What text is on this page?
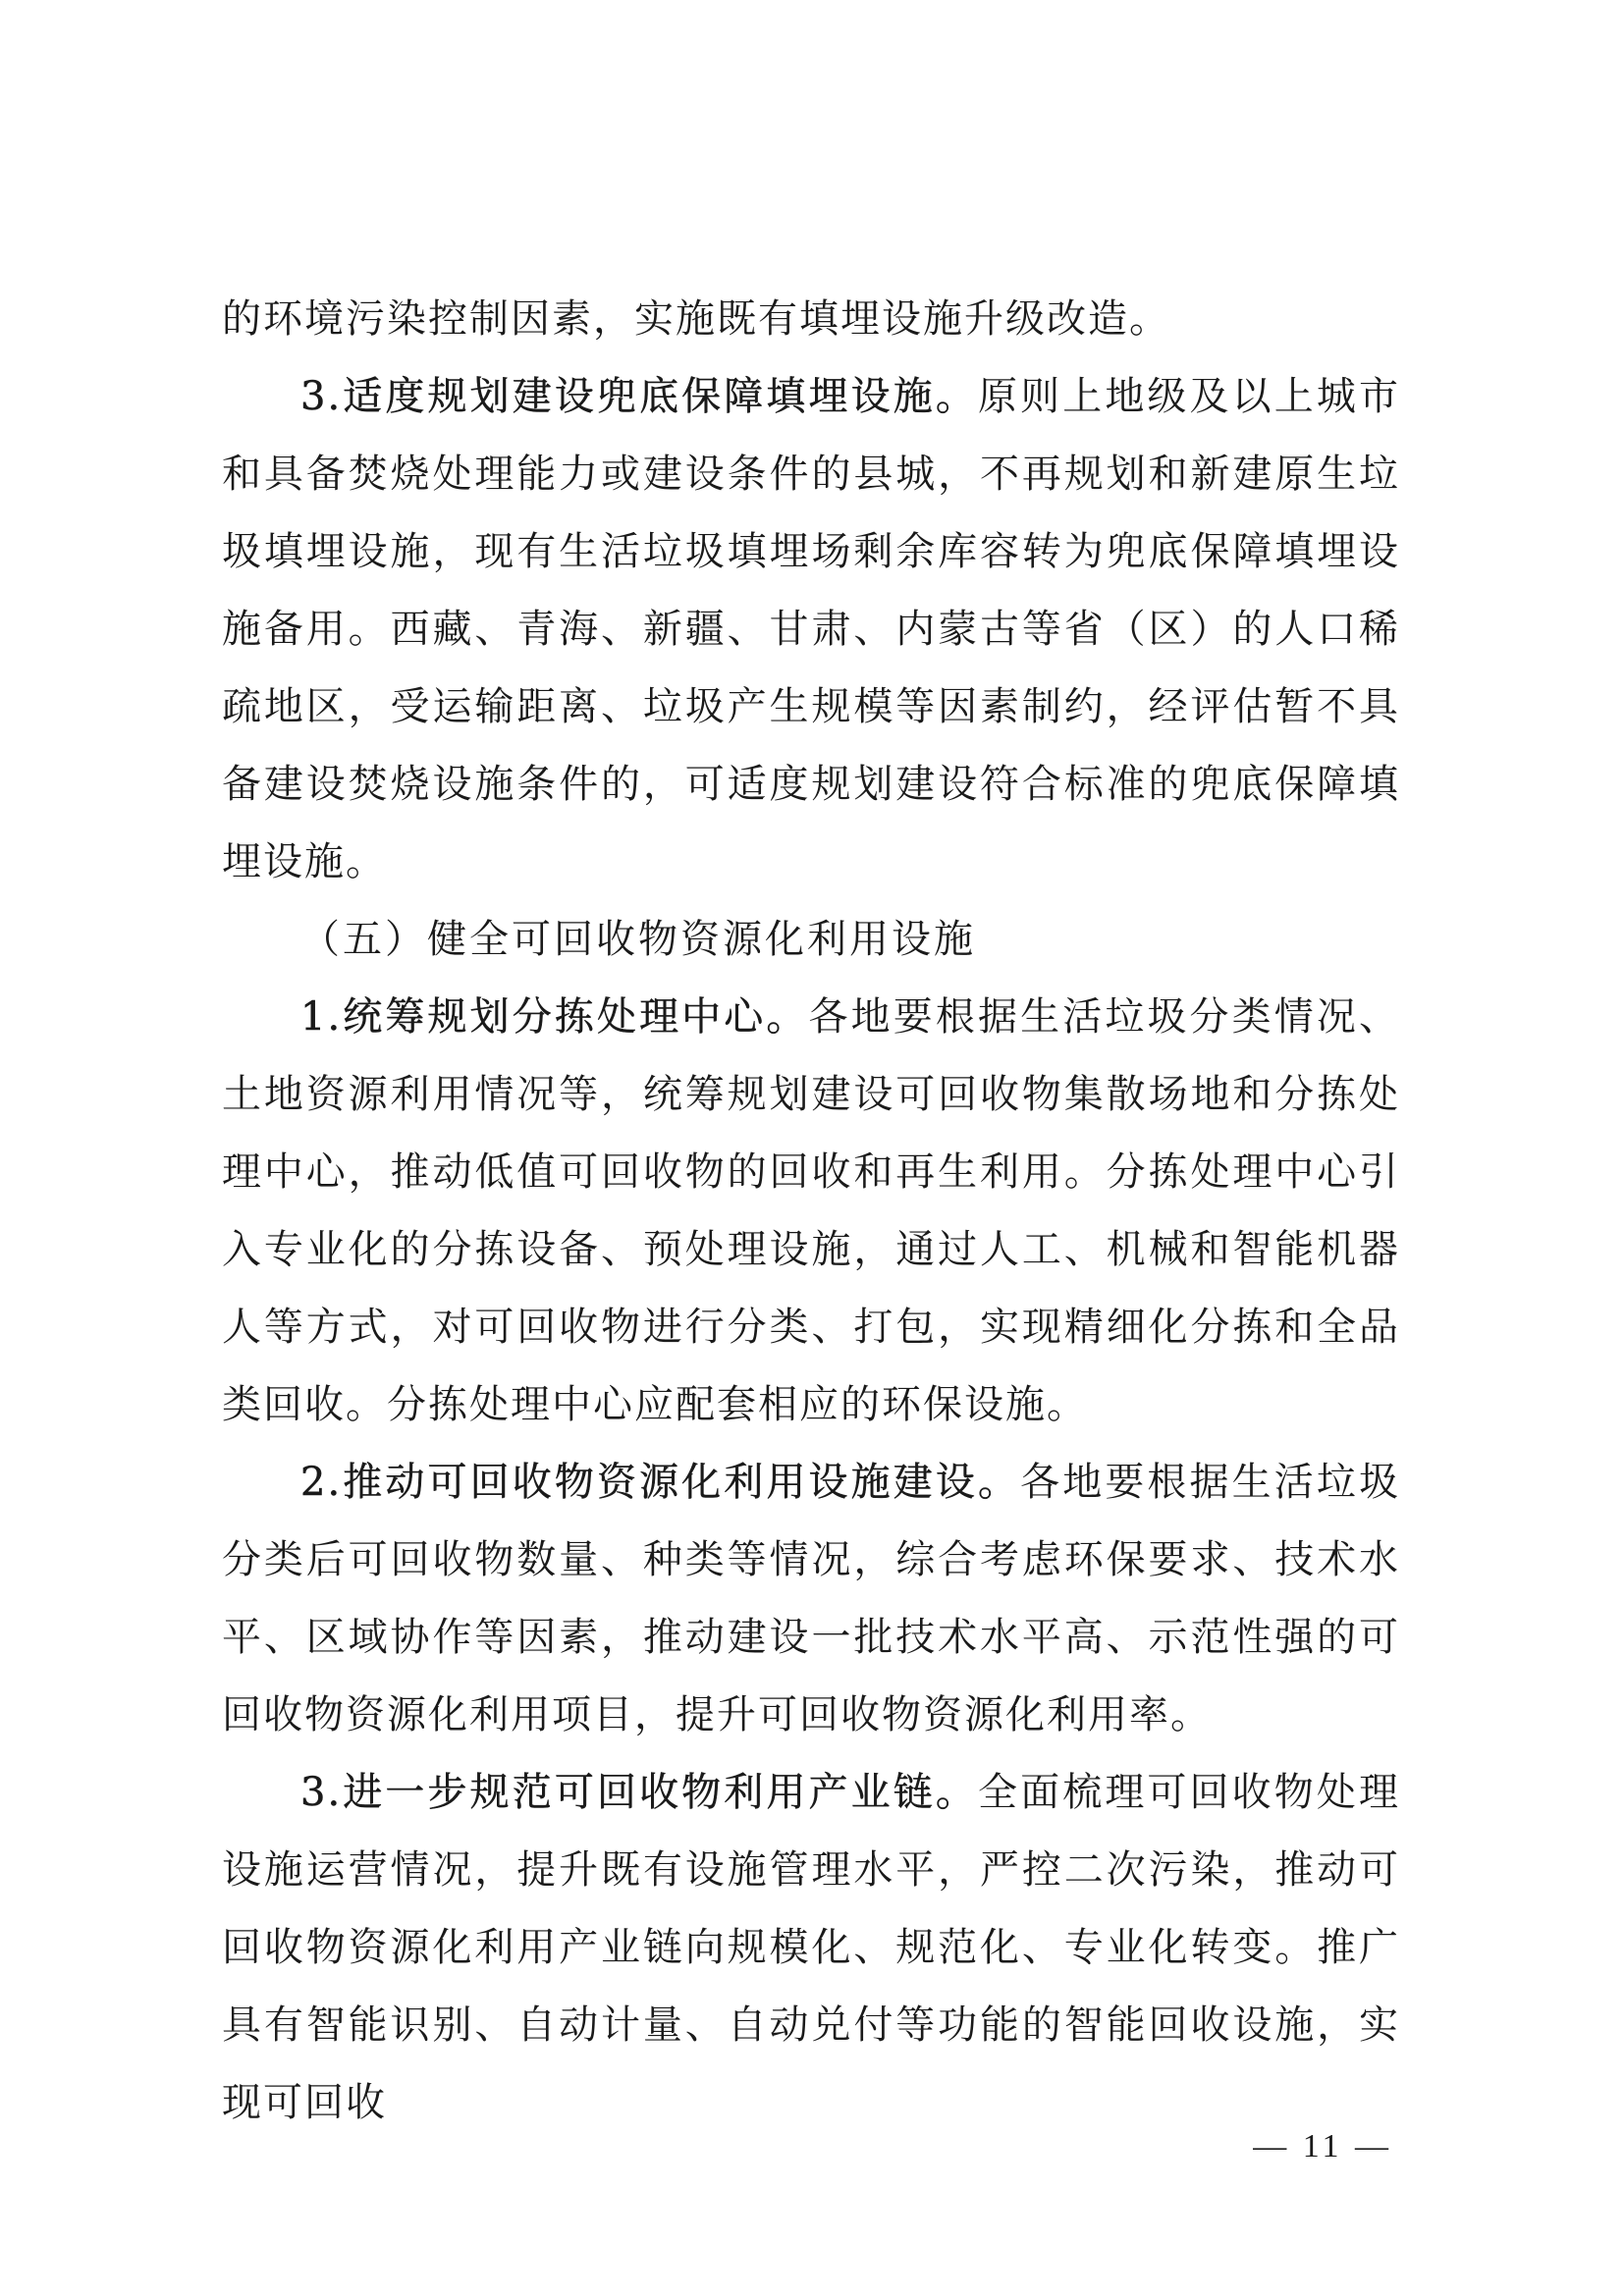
的环境污染控制因素，实施既有填埋设施升级改造。

3.适度规划建设兜底保障填埋设施。原则上地级及以上城市和具备焚烧处理能力或建设条件的县城，不再规划和新建原生垃圾填埋设施，现有生活垃圾填埋场剩余库容转为兜底保障填埋设施备用。西藏、青海、新疆、甘肃、内蒙古等省（区）的人口稀疏地区，受运输距离、垃圾产生规模等因素制约，经评估暂不具备建设焚烧设施条件的，可适度规划建设符合标准的兜底保障填埋设施。

（五）健全可回收物资源化利用设施

1.统筹规划分拣处理中心。各地要根据生活垃圾分类情况、土地资源利用情况等，统筹规划建设可回收物集散场地和分拣处理中心，推动低值可回收物的回收和再生利用。分拣处理中心引入专业化的分拣设备、预处理设施，通过人工、机械和智能机器人等方式，对可回收物进行分类、打包，实现精细化分拣和全品类回收。分拣处理中心应配套相应的环保设施。

2.推动可回收物资源化利用设施建设。各地要根据生活垃圾分类后可回收物数量、种类等情况，综合考虑环保要求、技术水平、区域协作等因素，推动建设一批技术水平高、示范性强的可回收物资源化利用项目，提升可回收物资源化利用率。

3.进一步规范可回收物利用产业链。全面梳理可回收物处理设施运营情况，提升既有设施管理水平，严控二次污染，推动可回收物资源化利用产业链向规模化、规范化、专业化转变。推广具有智能识别、自动计量、自动兑付等功能的智能回收设施，实现可回收

— 11 —
